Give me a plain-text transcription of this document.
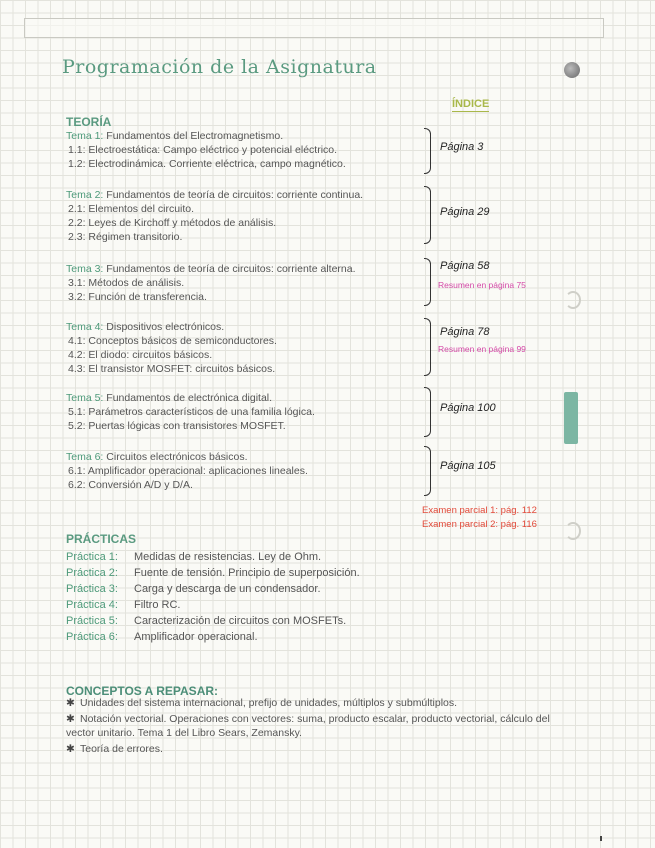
Programación de la Asignatura
ÍNDICE
TEORÍA
Tema 1: Fundamentos del Electromagnetismo.
1.1: Electroestática: Campo eléctrico y potencial eléctrico.
1.2: Electrodinámica. Corriente eléctrica, campo magnético.
Página 3
Tema 2: Fundamentos de teoría de circuitos: corriente continua.
2.1: Elementos del circuito.
2.2: Leyes de Kirchoff y métodos de análisis.
2.3: Régimen transitorio.
Página 29
Tema 3: Fundamentos de teoría de circuitos: corriente alterna.
3.1: Métodos de análisis.
3.2: Función de transferencia.
Página 58
Resumen en página 75
Tema 4: Dispositivos electrónicos.
4.1: Conceptos básicos de semiconductores.
4.2: El diodo: circuitos básicos.
4.3: El transistor MOSFET: circuitos básicos.
Página 78
Resumen en página 99
Tema 5: Fundamentos de electrónica digital.
5.1: Parámetros característicos de una familia lógica.
5.2: Puertas lógicas con transistores MOSFET.
Página 100
Tema 6: Circuitos electrónicos básicos.
6.1: Amplificador operacional: aplicaciones lineales.
6.2: Conversión A/D y D/A.
Página 105
Examen parcial 1: pág. 112
Examen parcial 2: pág. 116
PRÁCTICAS
Práctica 1: Medidas de resistencias. Ley de Ohm.
Práctica 2: Fuente de tensión. Principio de superposición.
Práctica 3: Carga y descarga de un condensador.
Práctica 4: Filtro RC.
Práctica 5: Caracterización de circuitos con MOSFETs.
Práctica 6: Amplificador operacional.
CONCEPTOS A REPASAR:
✱ Unidades del sistema internacional, prefijo de unidades, múltiplos y submúltiplos.
✱ Notación vectorial. Operaciones con vectores: suma, producto escalar, producto vectorial, cálculo del vector unitario. Tema 1 del Libro Sears, Zemansky.
✱ Teoría de errores.
